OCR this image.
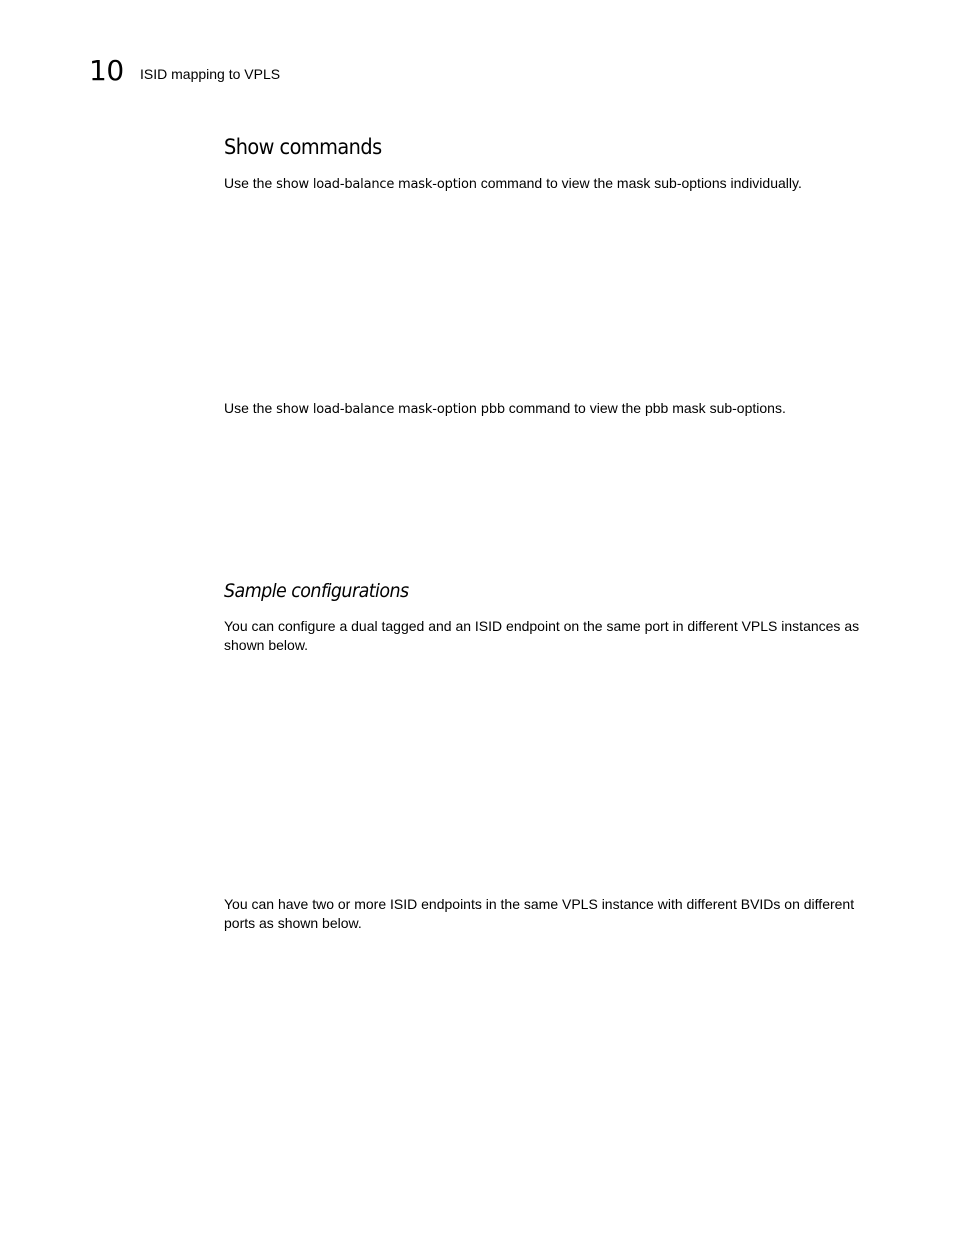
10 ISID mapping to VPLS
Show commands

Use the show load-balance mask-option command to view the mask sub-options individually.

Use the show load-balance mask-option pbb command to view the pbb mask sub-options.

Sample configurations

You can configure a dual tagged and an ISID endpoint on the same port in different VPLS instances as shown below.

You can have two or more ISID endpoints in the same VPLS instance with different BVIDs on different ports as shown below.
